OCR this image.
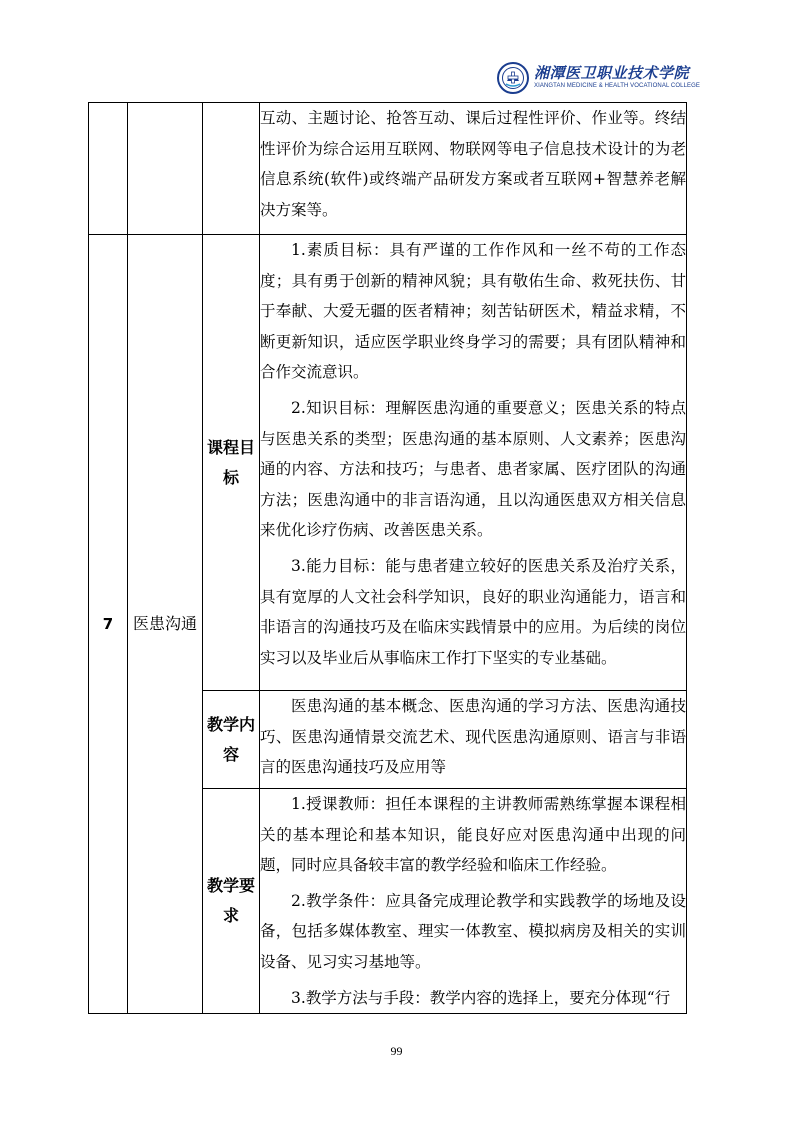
湘潭医卫职业技术学院
XIANGTAN MEDICINE & HEALTH VOCATIONAL COLLEGE

			互动、主题讨论、抢答互动、课后过程性评价、作业等。终结性评价为综合运用互联网、物联网等电子信息技术设计的为老信息系统(软件)或终端产品研发方案或者互联网+智慧养老解决方案等。

7	医患沟通	课程目标	1.素质目标：具有严谨的工作作风和一丝不苟的工作态度；具有勇于创新的精神风貌；具有敬佑生命、救死扶伤、甘于奉献、大爱无疆的医者精神；刻苦钻研医术，精益求精，不断更新知识，适应医学职业终身学习的需要；具有团队精神和合作交流意识。

2.知识目标：理解医患沟通的重要意义；医患关系的特点与医患关系的类型；医患沟通的基本原则、人文素养；医患沟通的内容、方法和技巧；与患者、患者家属、医疗团队的沟通方法；医患沟通中的非言语沟通，且以沟通医患双方相关信息来优化诊疗伤病、改善医患关系。

3.能力目标：能与患者建立较好的医患关系及治疗关系，具有宽厚的人文社会科学知识，良好的职业沟通能力，语言和非语言的沟通技巧及在临床实践情景中的应用。为后续的岗位实习以及毕业后从事临床工作打下坚实的专业基础。

		教学内容	医患沟通的基本概念、医患沟通的学习方法、医患沟通技巧、医患沟通情景交流艺术、现代医患沟通原则、语言与非语言的医患沟通技巧及应用等

		教学要求	1.授课教师：担任本课程的主讲教师需熟练掌握本课程相关的基本理论和基本知识，能良好应对医患沟通中出现的问题，同时应具备较丰富的教学经验和临床工作经验。

2.教学条件：应具备完成理论教学和实践教学的场地及设备，包括多媒体教室、理实一体教室、模拟病房及相关的实训设备、见习实习基地等。

3.教学方法与手段：教学内容的选择上，要充分体现“行

99
